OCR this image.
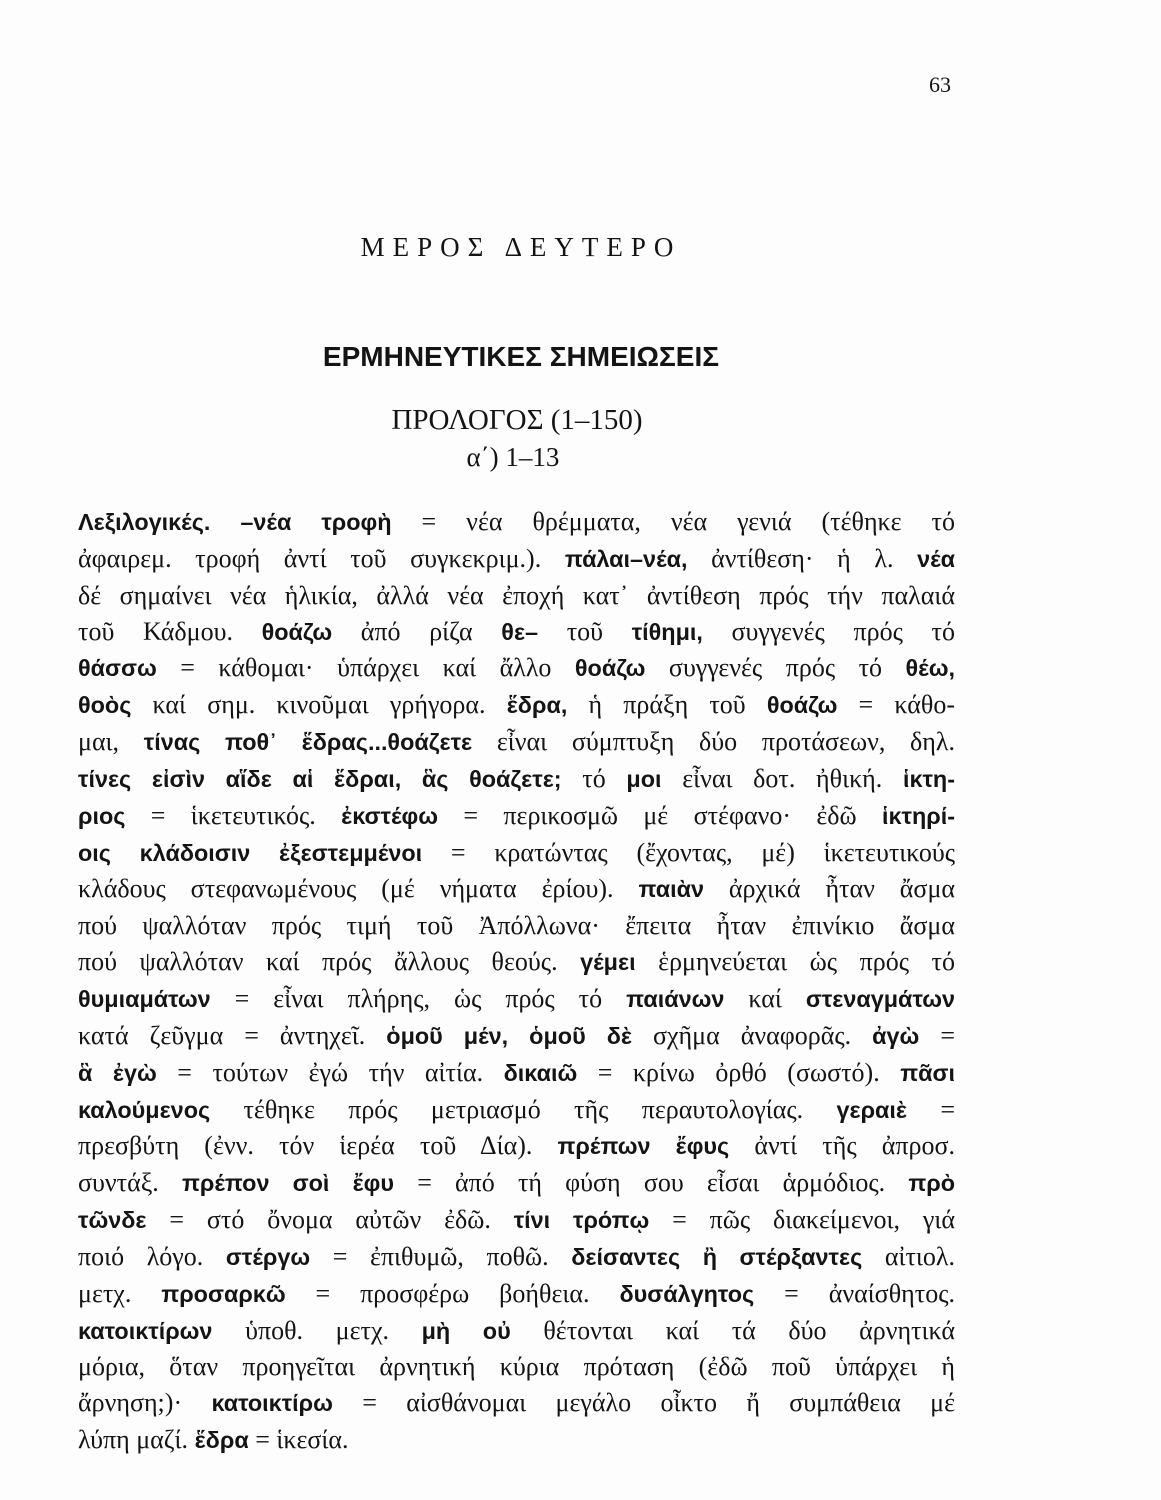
63
ΜΕΡΟΣ ΔΕΥΤΕΡΟ
ΕΡΜΗΝΕΥΤΙΚΕΣ ΣΗΜΕΙΩΣΕΙΣ
ΠΡΟΛΟΓΟΣ (1–150)
α΄) 1–13
Λεξιλογικές. –νέα τροφὴ = νέα θρέμματα, νέα γενιά (τέθηκε τό
ἀφαιρεμ. τροφή ἀντί τοῦ συγκεκριμ.). πάλαι–νέα, ἀντίθεση· ἡ λ. νέα
δέ σημαίνει νέα ἡλικία, ἀλλά νέα ἐποχή κατ᾽ ἀντίθεση πρός τήν παλαιά
τοῦ Κάδμου. θοάζω ἀπό ρίζα θε– τοῦ τίθημι, συγγενές πρός τό
θάσσω = κάθομαι· ὑπάρχει καί ἄλλο θοάζω συγγενές πρός τό θέω,
θοὸς καί σημ. κινοῦμαι γρήγορα. ἕδρα, ἡ πράξη τοῦ θοάζω = κάθο-
μαι, τίνας ποθ᾽ ἕδρας...θοάζετε εἶναι σύμπτυξη δύο προτάσεων, δηλ.
τίνες εἰσὶν αἵδε αἱ ἕδραι, ἃς θοάζετε; τό μοι εἶναι δοτ. ἠθική. ἱκτη-
ριος = ἱκετευτικός. ἐκστέφω = περικοσμῶ μέ στέφανο· ἐδῶ ἱκτηρί-
οις κλάδοισιν ἐξεστεμμένοι = κρατώντας (ἔχοντας, μέ) ἱκετευτικούς
κλάδους στεφανωμένους (μέ νήματα ἐρίου). παιὰν ἀρχικά ἦταν ἄσμα
πού ψαλλόταν πρός τιμή τοῦ Ἀπόλλωνα· ἔπειτα ἦταν ἐπινίκιο ἄσμα
πού ψαλλόταν καί πρός ἄλλους θεούς. γέμει ἑρμηνεύεται ὡς πρός τό
θυμιαμάτων = εἶναι πλήρης, ὡς πρός τό παιάνων καί στεναγμάτων
κατά ζεῦγμα = ἀντηχεῖ. ὁμοῦ μέν, ὁμοῦ δὲ σχῆμα ἀναφορᾶς. ἀγὼ =
ἃ ἐγὼ = τούτων ἐγώ τήν αἰτία. δικαιῶ = κρίνω ὀρθό (σωστό). πᾶσι
καλούμενος τέθηκε πρός μετριασμό τῆς περαυτολογίας. γεραιὲ =
πρεσβύτη (ἐνν. τόν ἱερέα τοῦ Δία). πρέπων ἔφυς ἀντί τῆς ἀπροσ.
συντάξ. πρέπον σοὶ ἔφυ = ἀπό τή φύση σου εἶσαι ἁρμόδιος. πρὸ
τῶνδε = στό ὄνομα αὐτῶν ἐδῶ. τίνι τρόπῳ = πῶς διακείμενοι, γιά
ποιό λόγο. στέργω = ἐπιθυμῶ, ποθῶ. δείσαντες ἢ στέρξαντες αἰτιολ.
μετχ. προσαρκῶ = προσφέρω βοήθεια. δυσάλγητος = ἀναίσθητος.
κατοικτίρων ὑποθ. μετχ. μὴ οὐ θέτονται καί τά δύο ἀρνητικά
μόρια, ὅταν προηγεῖται ἀρνητική κύρια πρόταση (ἐδῶ ποῦ ὑπάρχει ἡ
ἄρνηση;)· κατοικτίρω = αἰσθάνομαι μεγάλο οἶκτο ἤ συμπάθεια μέ
λύπη μαζί. ἕδρα = ἱκεσία.
